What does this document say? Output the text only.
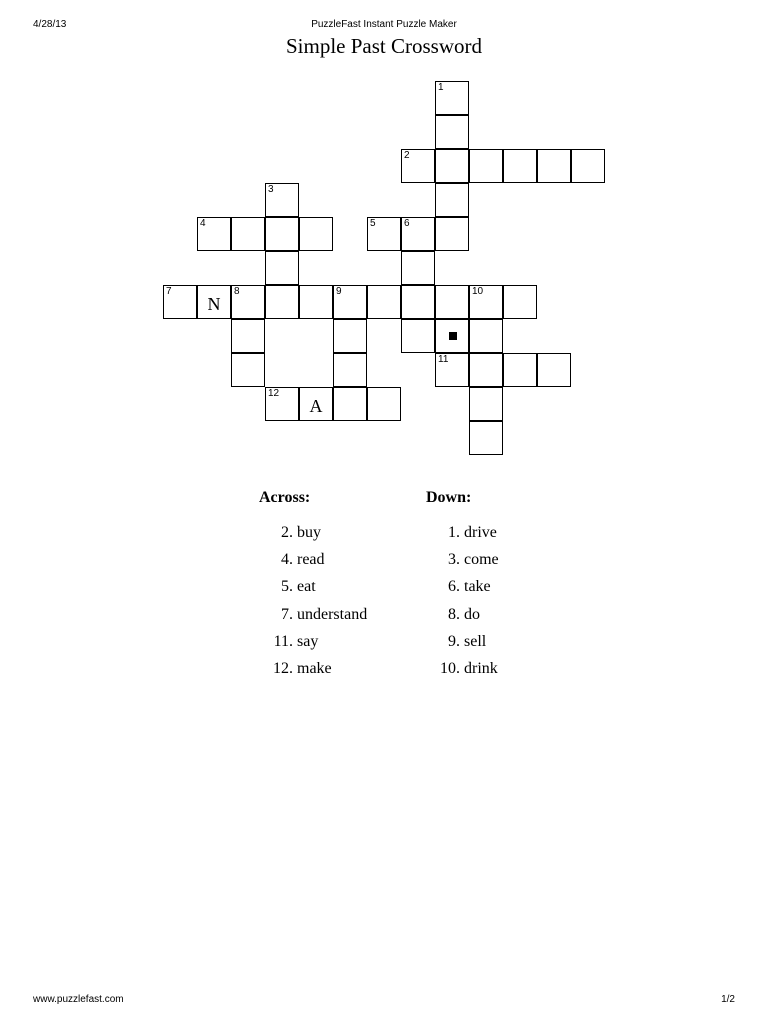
4/28/13	PuzzleFast Instant Puzzle Maker
Simple Past Crossword
1
2
3
4	5	6
7
N
8	9	10
11
12
A
Across:
2. buy
4. read
5. eat
7. understand
11. say
12. make
Down:
1. drive
3. come
6. take
8. do
9. sell
10. drink
www.puzzlefast.com	1/2
